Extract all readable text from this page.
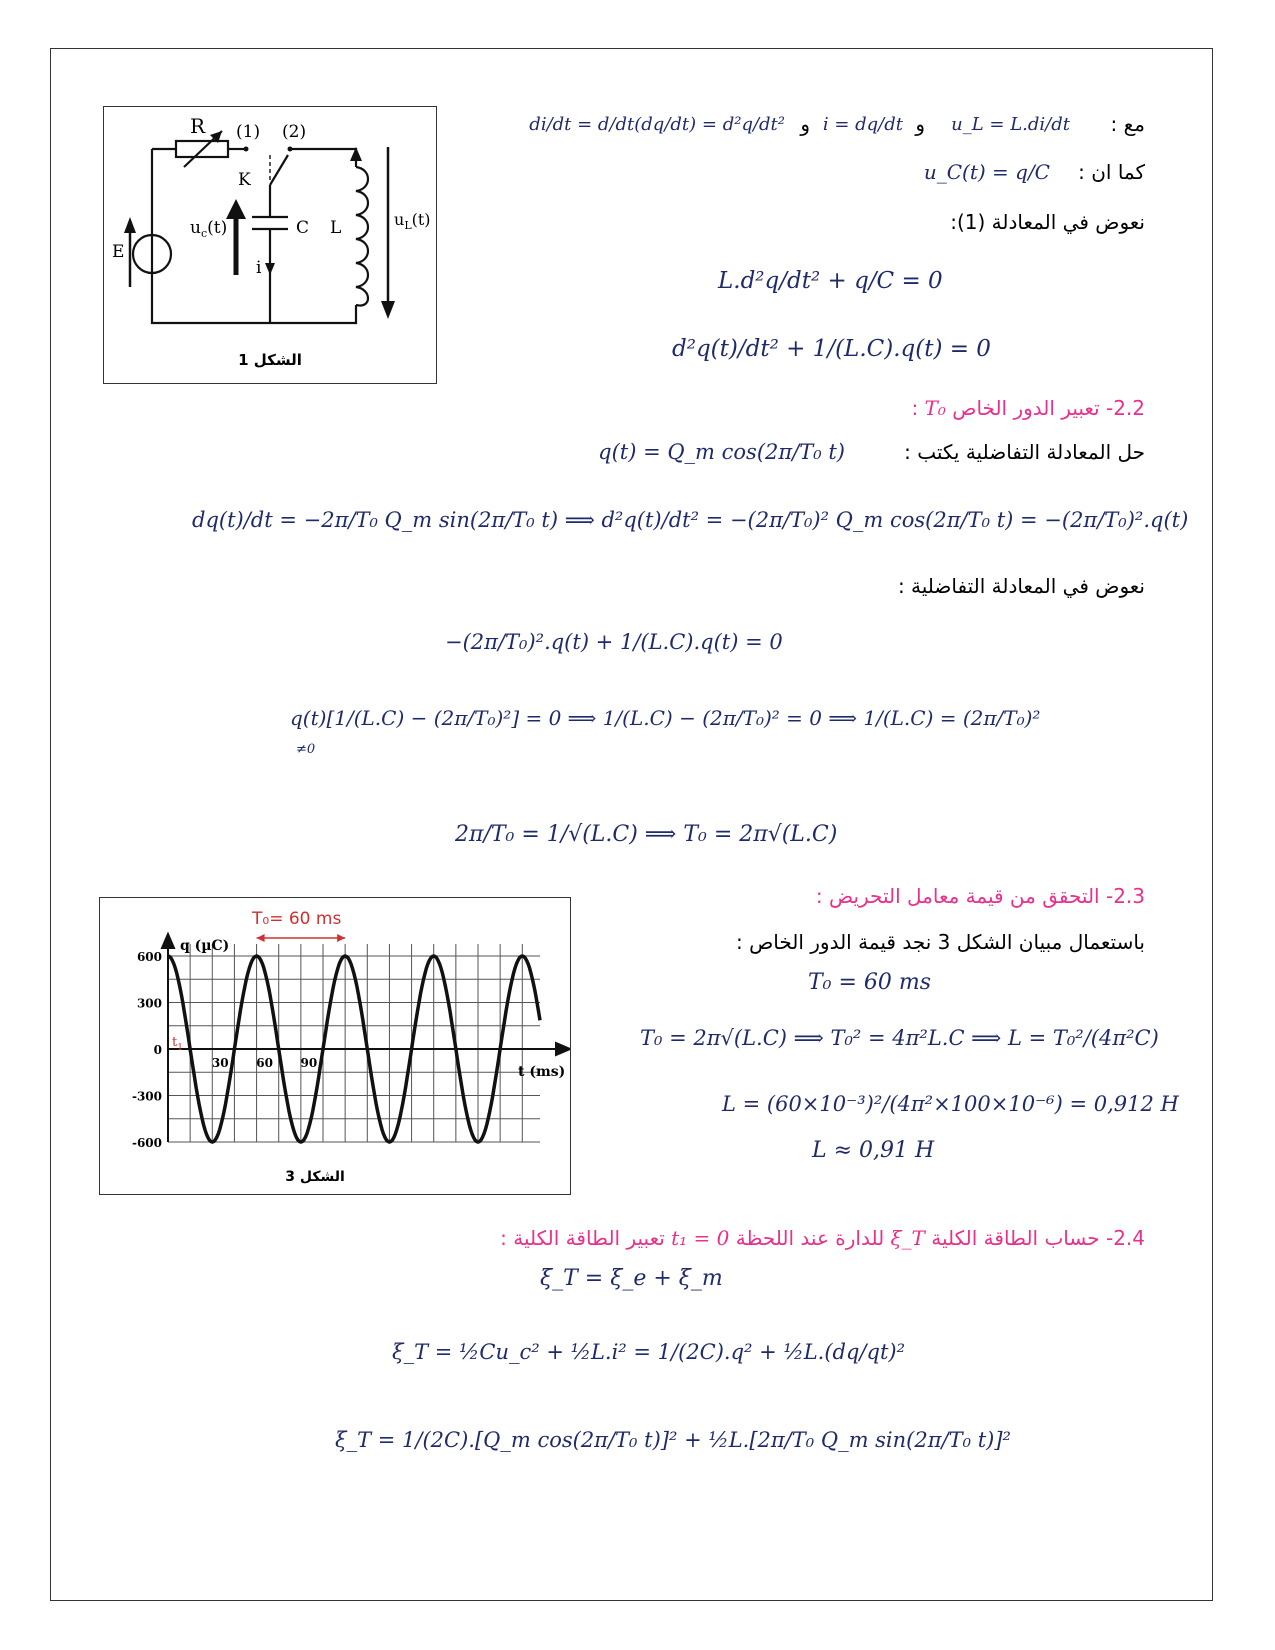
R (1) (2)
K
E
$u_c(t)$	C L
i
$u_L(t)$
الشكل 1
مع :
u_L = L.di/dt
و
i = dq/dt
و
di/dt = d/dt(dq/dt) = d²q/dt²
كما ان :
u_C(t) = q/C
نعوض في المعادلة (1):
L.d²q/dt² + q/C = 0
d²q(t)/dt² + 1/(L.C).q(t) = 0
2.2- تعبير الدور الخاص T₀ :
حل المعادلة التفاضلية يكتب :
q(t) = Q_m cos(2π/T₀ t)
dq(t)/dt = −2π/T₀ Q_m sin(2π/T₀ t) ⟹ d²q(t)/dt² = −(2π/T₀)² Q_m cos(2π/T₀ t) = −(2π/T₀)².q(t)
نعوض في المعادلة التفاضلية :
−(2π/T₀)².q(t) + 1/(L.C).q(t) = 0
q(t)[1/(L.C) − (2π/T₀)²] = 0 ⟹ 1/(L.C) − (2π/T₀)² = 0 ⟹ 1/(L.C) = (2π/T₀)²
≠0
2π/T₀ = 1/√(L.C) ⟹ T₀ = 2π√(L.C)
600
300
0
-300
-600
30 60 90
q (µC)
t (ms)
T₀= 60 ms
$t_1$
الشكل 3
2.3- التحقق من قيمة معامل التحريض :
باستعمال مبيان الشكل 3 نجد قيمة الدور الخاص :
T₀ = 60 ms
T₀ = 2π√(L.C) ⟹ T₀² = 4π²L.C ⟹ L = T₀²/(4π²C)
L = (60×10⁻³)²/(4π²×100×10⁻⁶) = 0,912 H
L ≈ 0,91 H
2.4- حساب الطاقة الكلية ξ_T للدارة عند اللحظة t₁ = 0 تعبير الطاقة الكلية :
ξ_T = ξ_e + ξ_m
ξ_T = ½Cu_c² + ½L.i² = 1/(2C).q² + ½L.(dq/qt)²
ξ_T = 1/(2C).[Q_m cos(2π/T₀ t)]² + ½L.[2π/T₀ Q_m sin(2π/T₀ t)]²
